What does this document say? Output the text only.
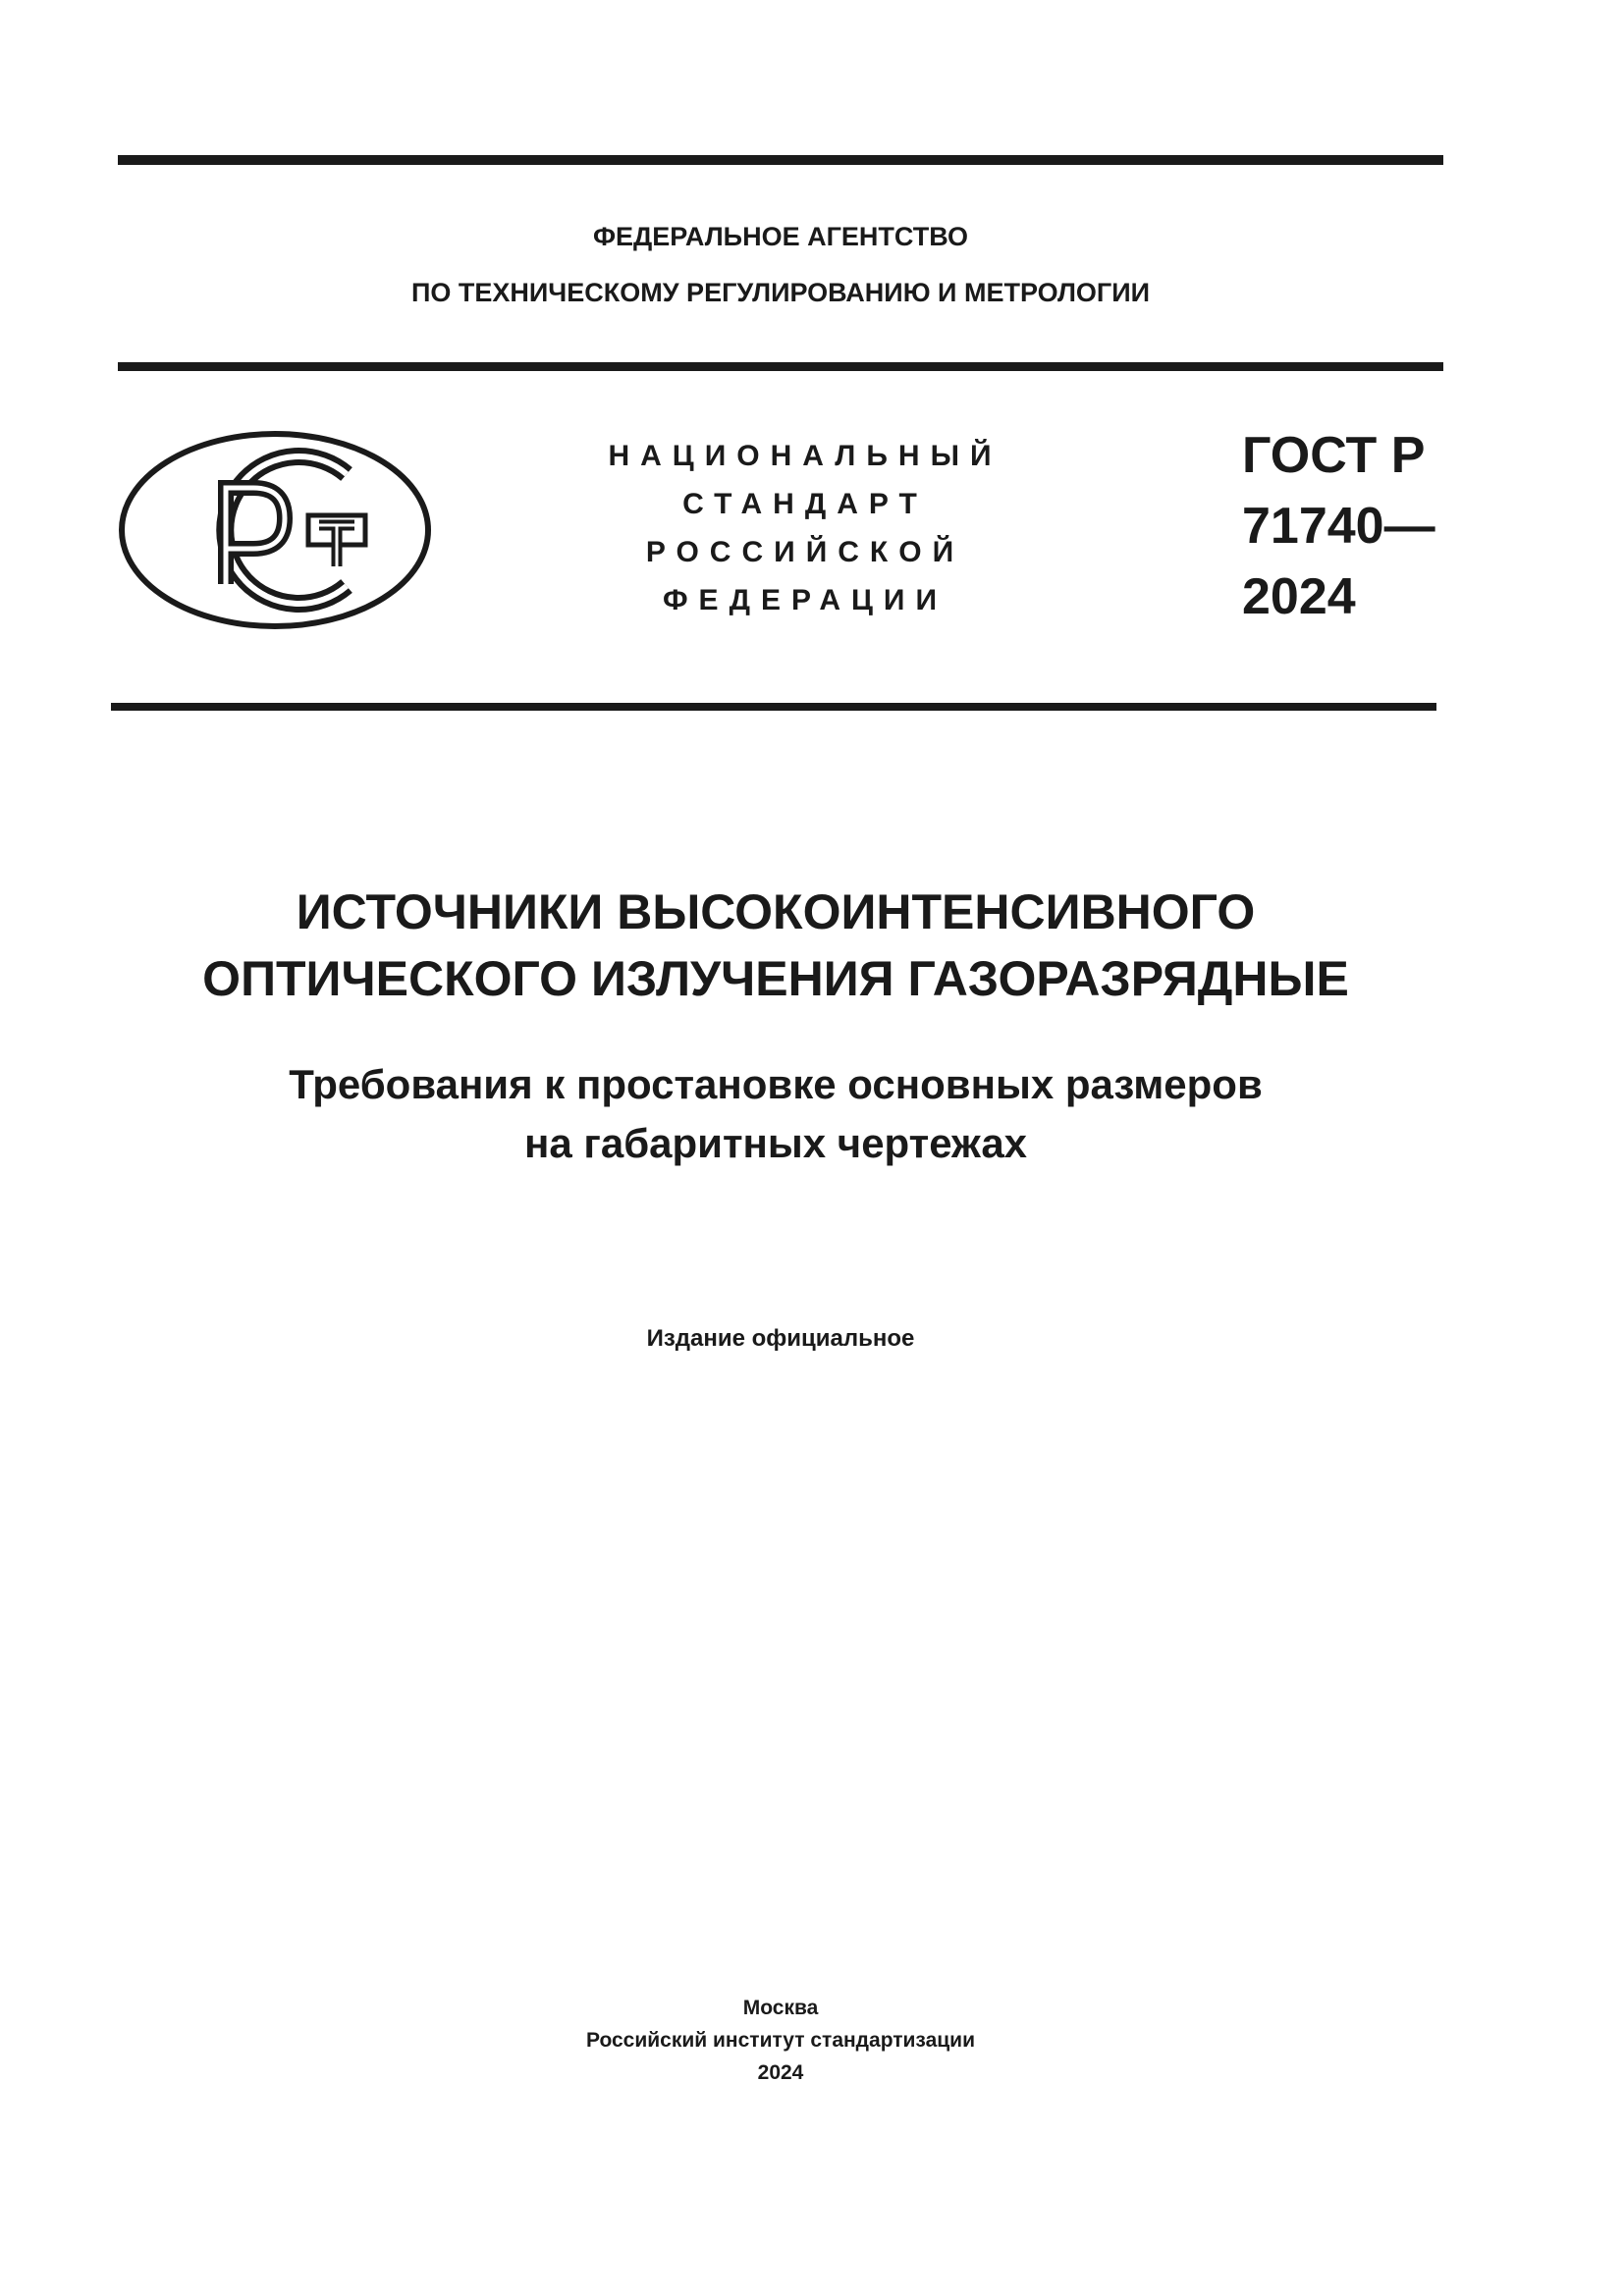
ФЕДЕРАЛЬНОЕ АГЕНТСТВО
ПО ТЕХНИЧЕСКОМУ РЕГУЛИРОВАНИЮ И МЕТРОЛОГИИ
НАЦИОНАЛЬНЫЙ
СТАНДАРТ
РОССИЙСКОЙ
ФЕДЕРАЦИИ
ГОСТ Р
71740—
2024
ИСТОЧНИКИ ВЫСОКОИНТЕНСИВНОГО
ОПТИЧЕСКОГО ИЗЛУЧЕНИЯ ГАЗОРАЗРЯДНЫЕ
Требования к простановке основных размеров
на габаритных чертежах
Издание официальное
Москва
Российский институт стандартизации
2024
